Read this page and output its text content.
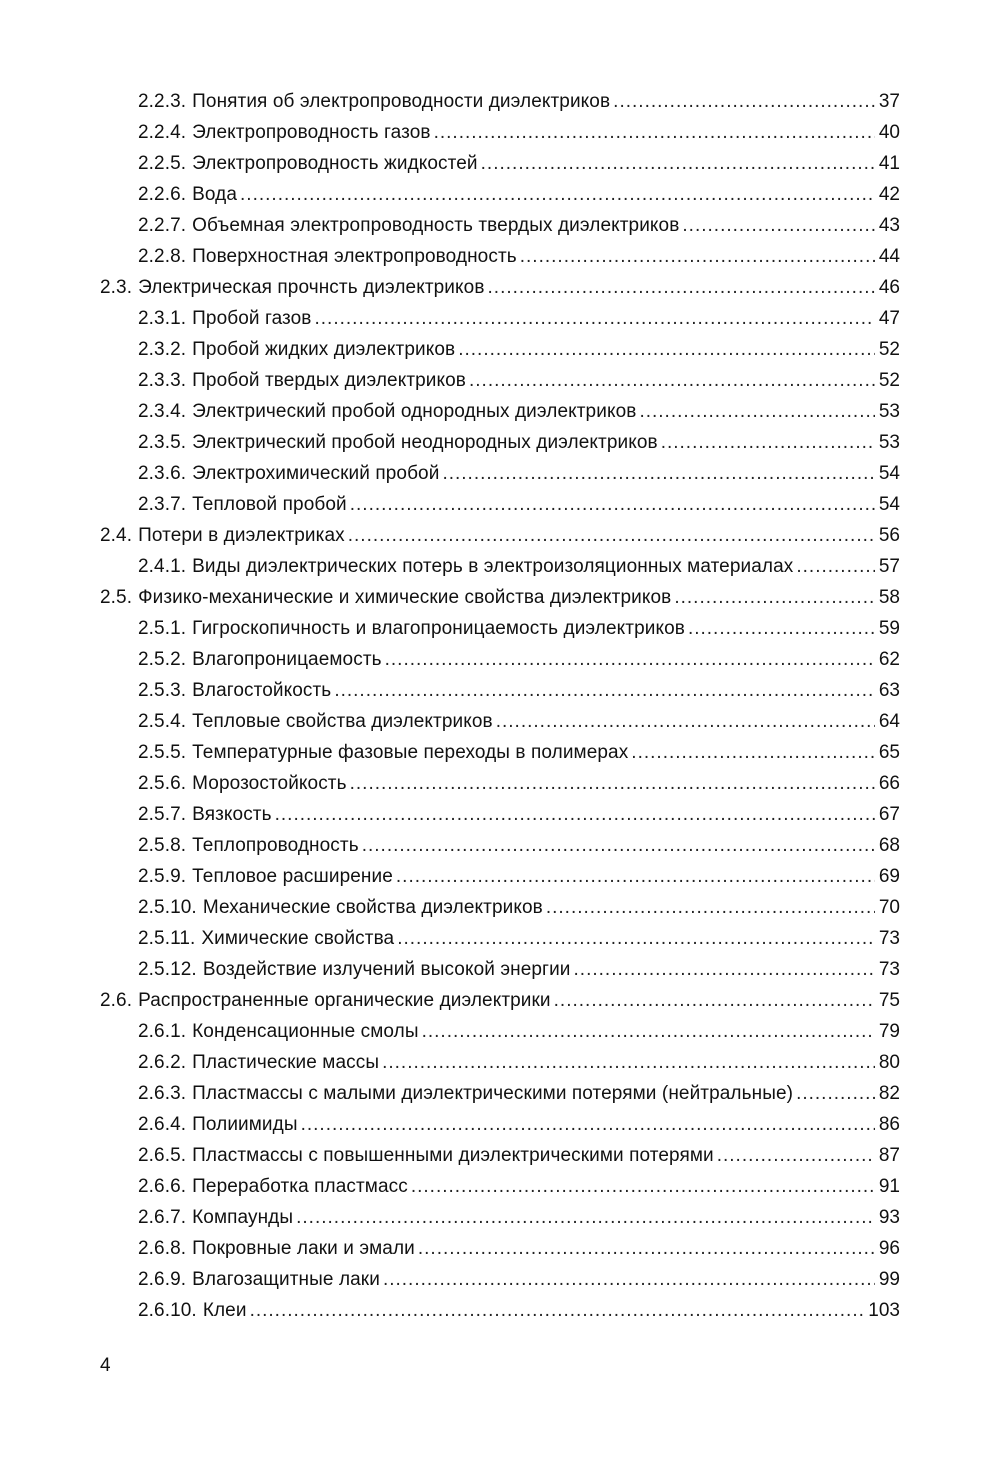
2.2.3. Понятия об электропроводности диэлектриков .....	37
2.2.4. Электропроводность газов .....	40
2.2.5. Электропроводность жидкостей .....	41
2.2.6. Вода .....	42
2.2.7. Объемная электропроводность твердых диэлектриков .....	43
2.2.8. Поверхностная электропроводность .....	44
2.3. Электрическая прочнсть диэлектриков .....	46
2.3.1. Пробой газов .....	47
2.3.2. Пробой жидких диэлектриков .....	52
2.3.3. Пробой твердых диэлектриков .....	52
2.3.4. Электрический пробой однородных диэлектриков .....	53
2.3.5. Электрический пробой неоднородных диэлектриков .....	53
2.3.6. Электрохимический пробой .....	54
2.3.7. Тепловой пробой .....	54
2.4. Потери в диэлектриках .....	56
2.4.1. Виды диэлектрических потерь в электроизоляционных материалах .....	57
2.5. Физико-механические и химические свойства диэлектриков .....	58
2.5.1. Гигроскопичность и влагопроницаемость диэлектриков .....	59
2.5.2. Влагопроницаемость .....	62
2.5.3. Влагостойкость .....	63
2.5.4. Тепловые свойства диэлектриков .....	64
2.5.5. Температурные фазовые переходы в полимерах .....	65
2.5.6. Морозостойкость .....	66
2.5.7. Вязкость .....	67
2.5.8. Теплопроводность .....	68
2.5.9. Тепловое расширение .....	69
2.5.10. Механические свойства диэлектриков .....	70
2.5.11. Химические свойства .....	73
2.5.12. Воздействие излучений высокой энергии .....	73
2.6. Распространенные органические диэлектрики .....	75
2.6.1. Конденсационные смолы .....	79
2.6.2. Пластические массы .....	80
2.6.3. Пластмассы с малыми диэлектрическими потерями (нейтральные) .....	82
2.6.4. Полиимиды .....	86
2.6.5. Пластмассы с повышенными диэлектрическими потерями .....	87
2.6.6. Переработка пластмасс .....	91
2.6.7. Компаунды .....	93
2.6.8. Покровные лаки и эмали .....	96
2.6.9. Влагозащитные лаки .....	99
2.6.10. Клеи .....	103
4
